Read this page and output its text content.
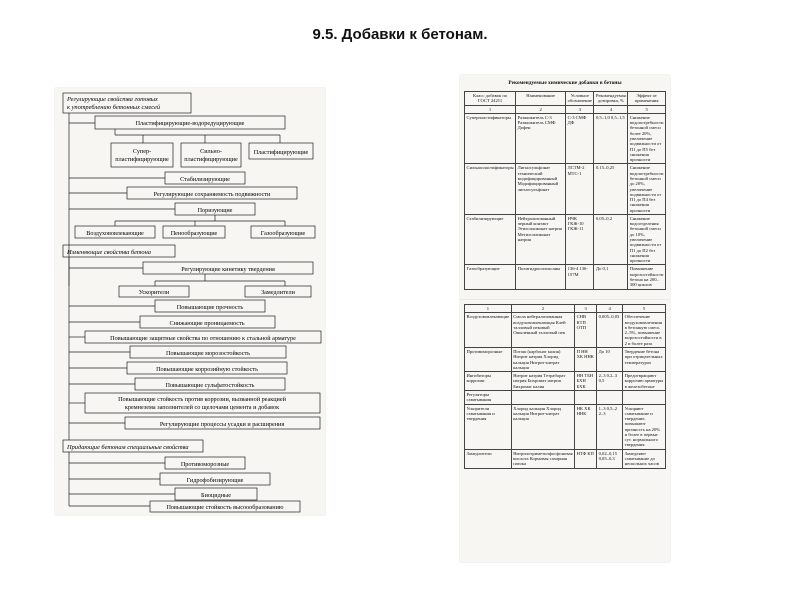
9.5. Добавки к бетонам.
Регулирующие свойства готовых
к употреблению бетонных смесей
Пластифицирующие-водоредуцирующие
Супер-
пластифицирующие
Сильно-
пластифицирующие
Пластифицирующие
Стабилизирующие
Регулирующие сохраняемость подвижности
Поризующие
Воздухововлекающие	Пенообразующие	Газообразующие
Изменяющие свойства бетона
Регулирующие кинетику твердения
Ускорители	Замедлители
Повышающие прочность
Снижающие проницаемость
Повышающие защитные свойства по отношению к стальной арматуре
Повышающие морозостойкость
Повышающие коррозийную стойкость
Повышающие сульфатостойкость
Повышающие стойкость против коррозии, вызванной реакцией
кремнезема заполнителей со щелочами цемента и добавок
Регулирующие процессы усадки и расширения
Придающие бетонам специальные свойства
Противоморозные
Гидрофобизирующие
Биоцидные
Повышающие стойкость высоообразованию
Рекомендуемые химические добавки в бетоны
Класс добавок по ГОСТ 24211	Наименование	Условное обозначение	Рекомендуемая дозировка, %	Эффект от применения
1	2	3	4	5
Суперпластификаторы	Разжижитель С-3 Разжижитель СМФ Дофен	С-3 СМФ ДФ	0,5–1,0 0,5–1,5	Снижение водопотребности бетонной смеси более 20%, увеличение подвижности от П1 до П5 без снижения прочности
Сильнопластификаторы	Лигносульфонат технический модифицированный Модифицированный лигносульфонат	ЛСТМ-2 МТС-1	0,15–0,25	Снижение водопотребности бетонной смеси до 20%, увеличение подвижности от П1 до П4 без снижения прочности
Стабилизирующие	Нейтрализованный черный контакт Этилсиликонат натрия Метилсиликонат натрия	НЧК ГКЖ-10 ГКЖ-11	0,05–0,2	Снижение водоотделения бетонной смеси до 10%, увеличение подвижности от П1 до П2 без снижения прочности
Газообразующие	Полигидросилоксаны	136-4 136-157М	До 0,1	Повышение морозостойкости бетона на 200–300 циклов
1	2	3	4	5
Воздухововлекающие	Смола нейтрализованная воздухововлекающая Клей талловый пековый Омыленный талловый пек	СНВ КТП ОТП	0,005–0,03	Обеспечение воздухововлечения в бетонную смесь 2–5%, повышение морозостойкости в 2 и более раза
Противоморозные	Поташ (карбонат калия) Нитрит натрия Хлорид кальция Нитрит-нитрат кальция	П НН ХК ННК	До 10	Твердение бетона при отрицательных температурах
Ингибиторы коррозии	Нитрит натрия Тетраборат натрия Бихромат натрия Бихромат калия	НН ТБН БХН БХК	2–3 0,2–3 0,5	Предотвращают коррозию арматуры в железобетоне
Регуляторы схватывания				
Ускорители схватывания и твердения	Хлорид кальция Хлорид кальция Нитрит-нитрат кальция	НК ХК ННК	1–3 0,5–2 2–3	Ускоряют схватывание и твердение, повышают прочность на 20% и более в первые сут. нормального твердения
Замедлители	Нитрилотриметилфосфоновая кислота Кормовая сахарная патока	НТФ КП	0,02–0,15 0,05–0,3	Замедляют схватывание до нескольких часов
